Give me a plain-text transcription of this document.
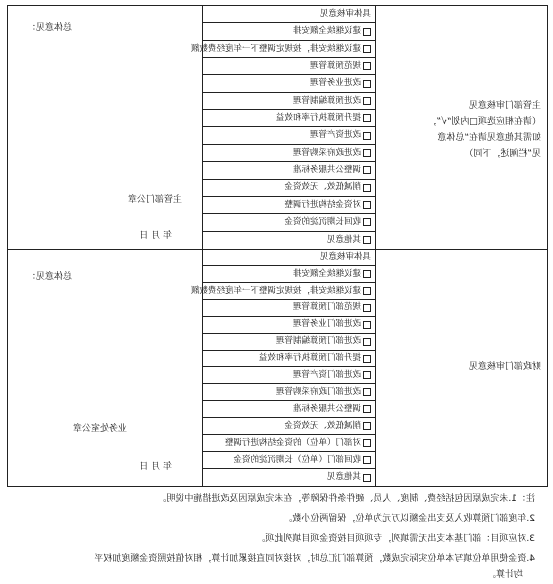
主管部门审核意见
（请在相应选项□内划“√”，
如需其他意见请在“总体意
见”栏阐述，下同）
具体审核意见
建议继续全额安排
建议继续安排，按规定调整下一年度经费数额
规范预算管理
改进业务管理
改进预算编制管理
提升预算执行率和效益
改进资产管理
改进政府采购管理
调整公共服务标准
削减低效、无效资金
对资金结构进行调整
收回长期沉淀的资金
其他意见
总体意见：
主管部门公章
年 月 日
财政部门审核意见
具体审核意见
建议继续全额安排
建议继续安排，按规定调整下一年度经费数额
规范部门预算管理
改进部门业务管理
改进部门预算编制管理
提升部门预算执行率和效益
改进部门资产管理
改进部门政府采购管理
调整公共服务标准
削减低效、无效资金
对部门（单位）的资金结构进行调整
收回部门（单位）长期沉淀的资金
其他意见
总体意见：
业务处室公章
年 月 日
注：1.未完成原因包括经费、制度、人员、硬件条件保障等，在未完成原因及改进措施中说明。
2.年度部门预算收入及支出金额以万元为单位，保留两位小数。
3.对应项目：部门基本支出无需填列，专项项目按资金项目填列此项。
4.资金使用单位填写本单位实际完成数，预算部门汇总时，对接对同直接累加计算，相对值按照资金额度加权平
均计算。
